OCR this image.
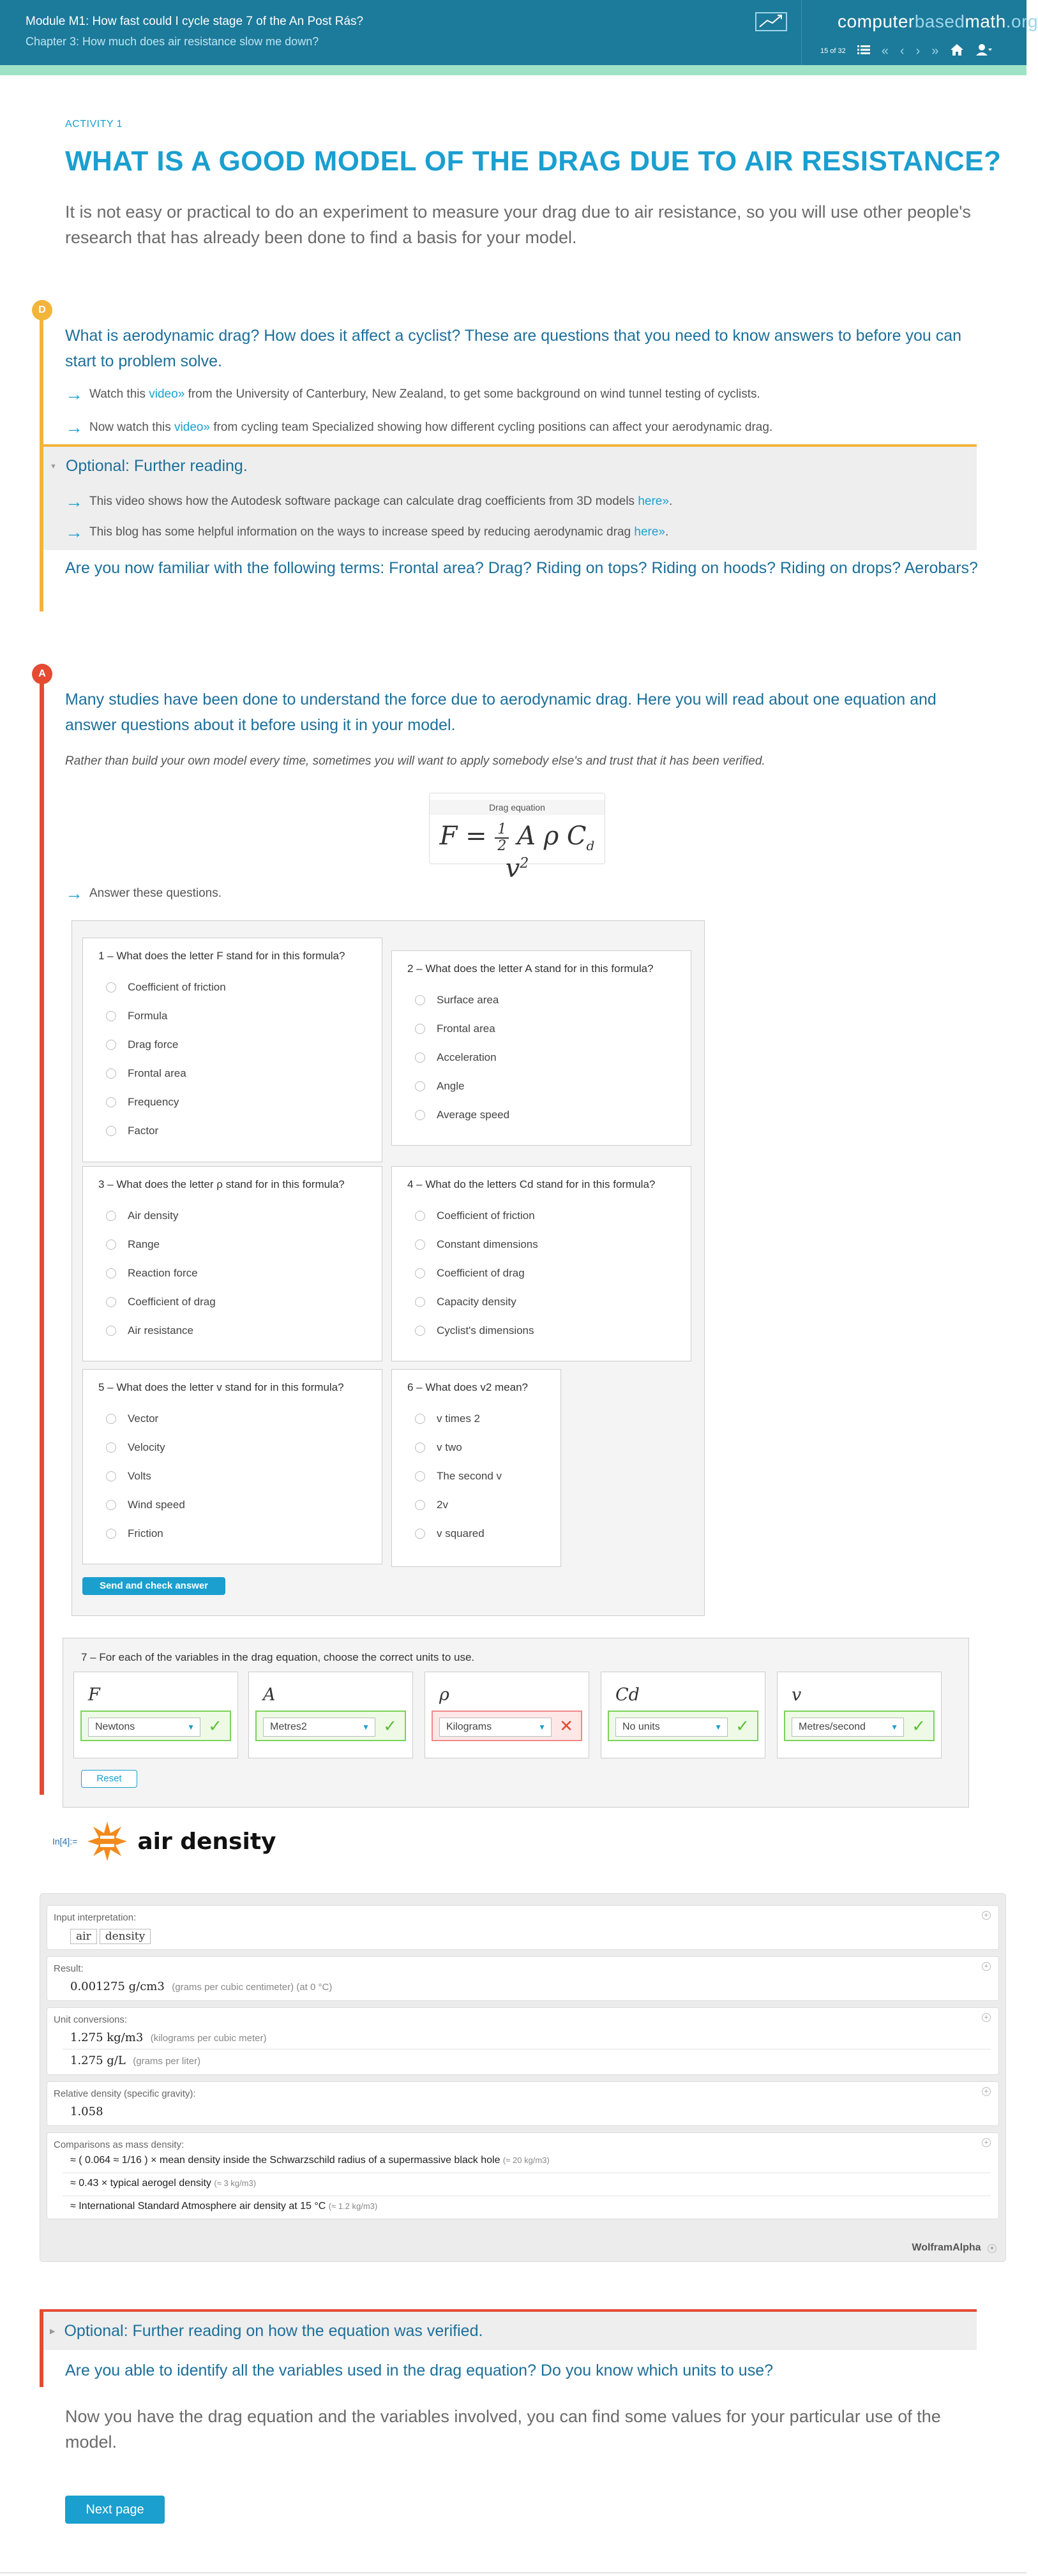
Module M1: How fast could I cycle stage 7 of the An Post Rás?
Chapter 3: How much does air resistance slow me down?
computerbasedmath.org
15 of 32	« ‹ › »
ACTIVITY 1
WHAT IS A GOOD MODEL OF THE DRAG DUE TO AIR RESISTANCE?
It is not easy or practical to do an experiment to measure your drag due to air resistance, so you will use other people's research that has already been done to find a basis for your model.
D
What is aerodynamic drag? How does it affect a cyclist? These are questions that you need to know answers to before you can start to problem solve.
→ Watch this video» from the University of Canterbury, New Zealand, to get some background on wind tunnel testing of cyclists.
→ Now watch this video» from cycling team Specialized showing how different cycling positions can affect your aerodynamic drag.
▼ Optional: Further reading.
→ This video shows how the Autodesk software package can calculate drag coefficients from 3D models here».
→ This blog has some helpful information on the ways to increase speed by reducing aerodynamic drag here».
Are you now familiar with the following terms: Frontal area? Drag? Riding on tops? Riding on hoods? Riding on drops? Aerobars?
A
Many studies have been done to understand the force due to aerodynamic drag. Here you will read about one equation and answer questions about it before using it in your model.
Rather than build your own model every time, sometimes you will want to apply somebody else's and trust that it has been verified.
Drag equation
$F = \frac{1}{2}$ A ρ $C_d$ $v^2$
→ Answer these questions.
1 – What does the letter F stand for in this formula?
Coefficient of friction
Formula
Drag force
Frontal area
Frequency
Factor
2 – What does the letter A stand for in this formula?
Surface area
Frontal area
Acceleration
Angle
Average speed
3 – What does the letter ρ stand for in this formula?
Air density
Range
Reaction force
Coefficient of drag
Air resistance
4 – What do the letters Cd stand for in this formula?
Coefficient of friction
Constant dimensions
Coefficient of drag
Capacity density
Cyclist's dimensions
5 – What does the letter v stand for in this formula?
Vector
Velocity
Volts
Wind speed
Friction
6 – What does v2 mean?
v times 2
v two
The second v
2v
v squared
Send and check answer
7 – For each of the variables in the drag equation, choose the correct units to use.
F
Newtons	▼ ✓
A
Metres2	▼ ✓
ρ
Kilograms	▼ ✕
Cd
No units	▼ ✓
v
Metres/second	▼ ✓
Reset
In[4]:=	air density
Input interpretation:	+
air density
Result:	+
0.001275 g/cm3 (grams per cubic centimeter) (at 0 °C)
Unit conversions:	+
1.275 kg/m3 (kilograms per cubic meter)
1.275 g/L (grams per liter)
Relative density (specific gravity):	+
1.058
Comparisons as mass density:	+
≈ ( 0.064 ≈ 1/16 ) × mean density inside the Schwarzschild radius of a supermassive black hole (≈ 20 kg/m3)
≈ 0.43 × typical aerogel density (≈ 3 kg/m3)
≈ International Standard Atmosphere air density at 15 °C (≈ 1.2 kg/m3)
WolframAlpha +
▶ Optional: Further reading on how the equation was verified.
Are you able to identify all the variables used in the drag equation? Do you know which units to use?
Now you have the drag equation and the variables involved, you can find some values for your particular use of the model.
Next page
